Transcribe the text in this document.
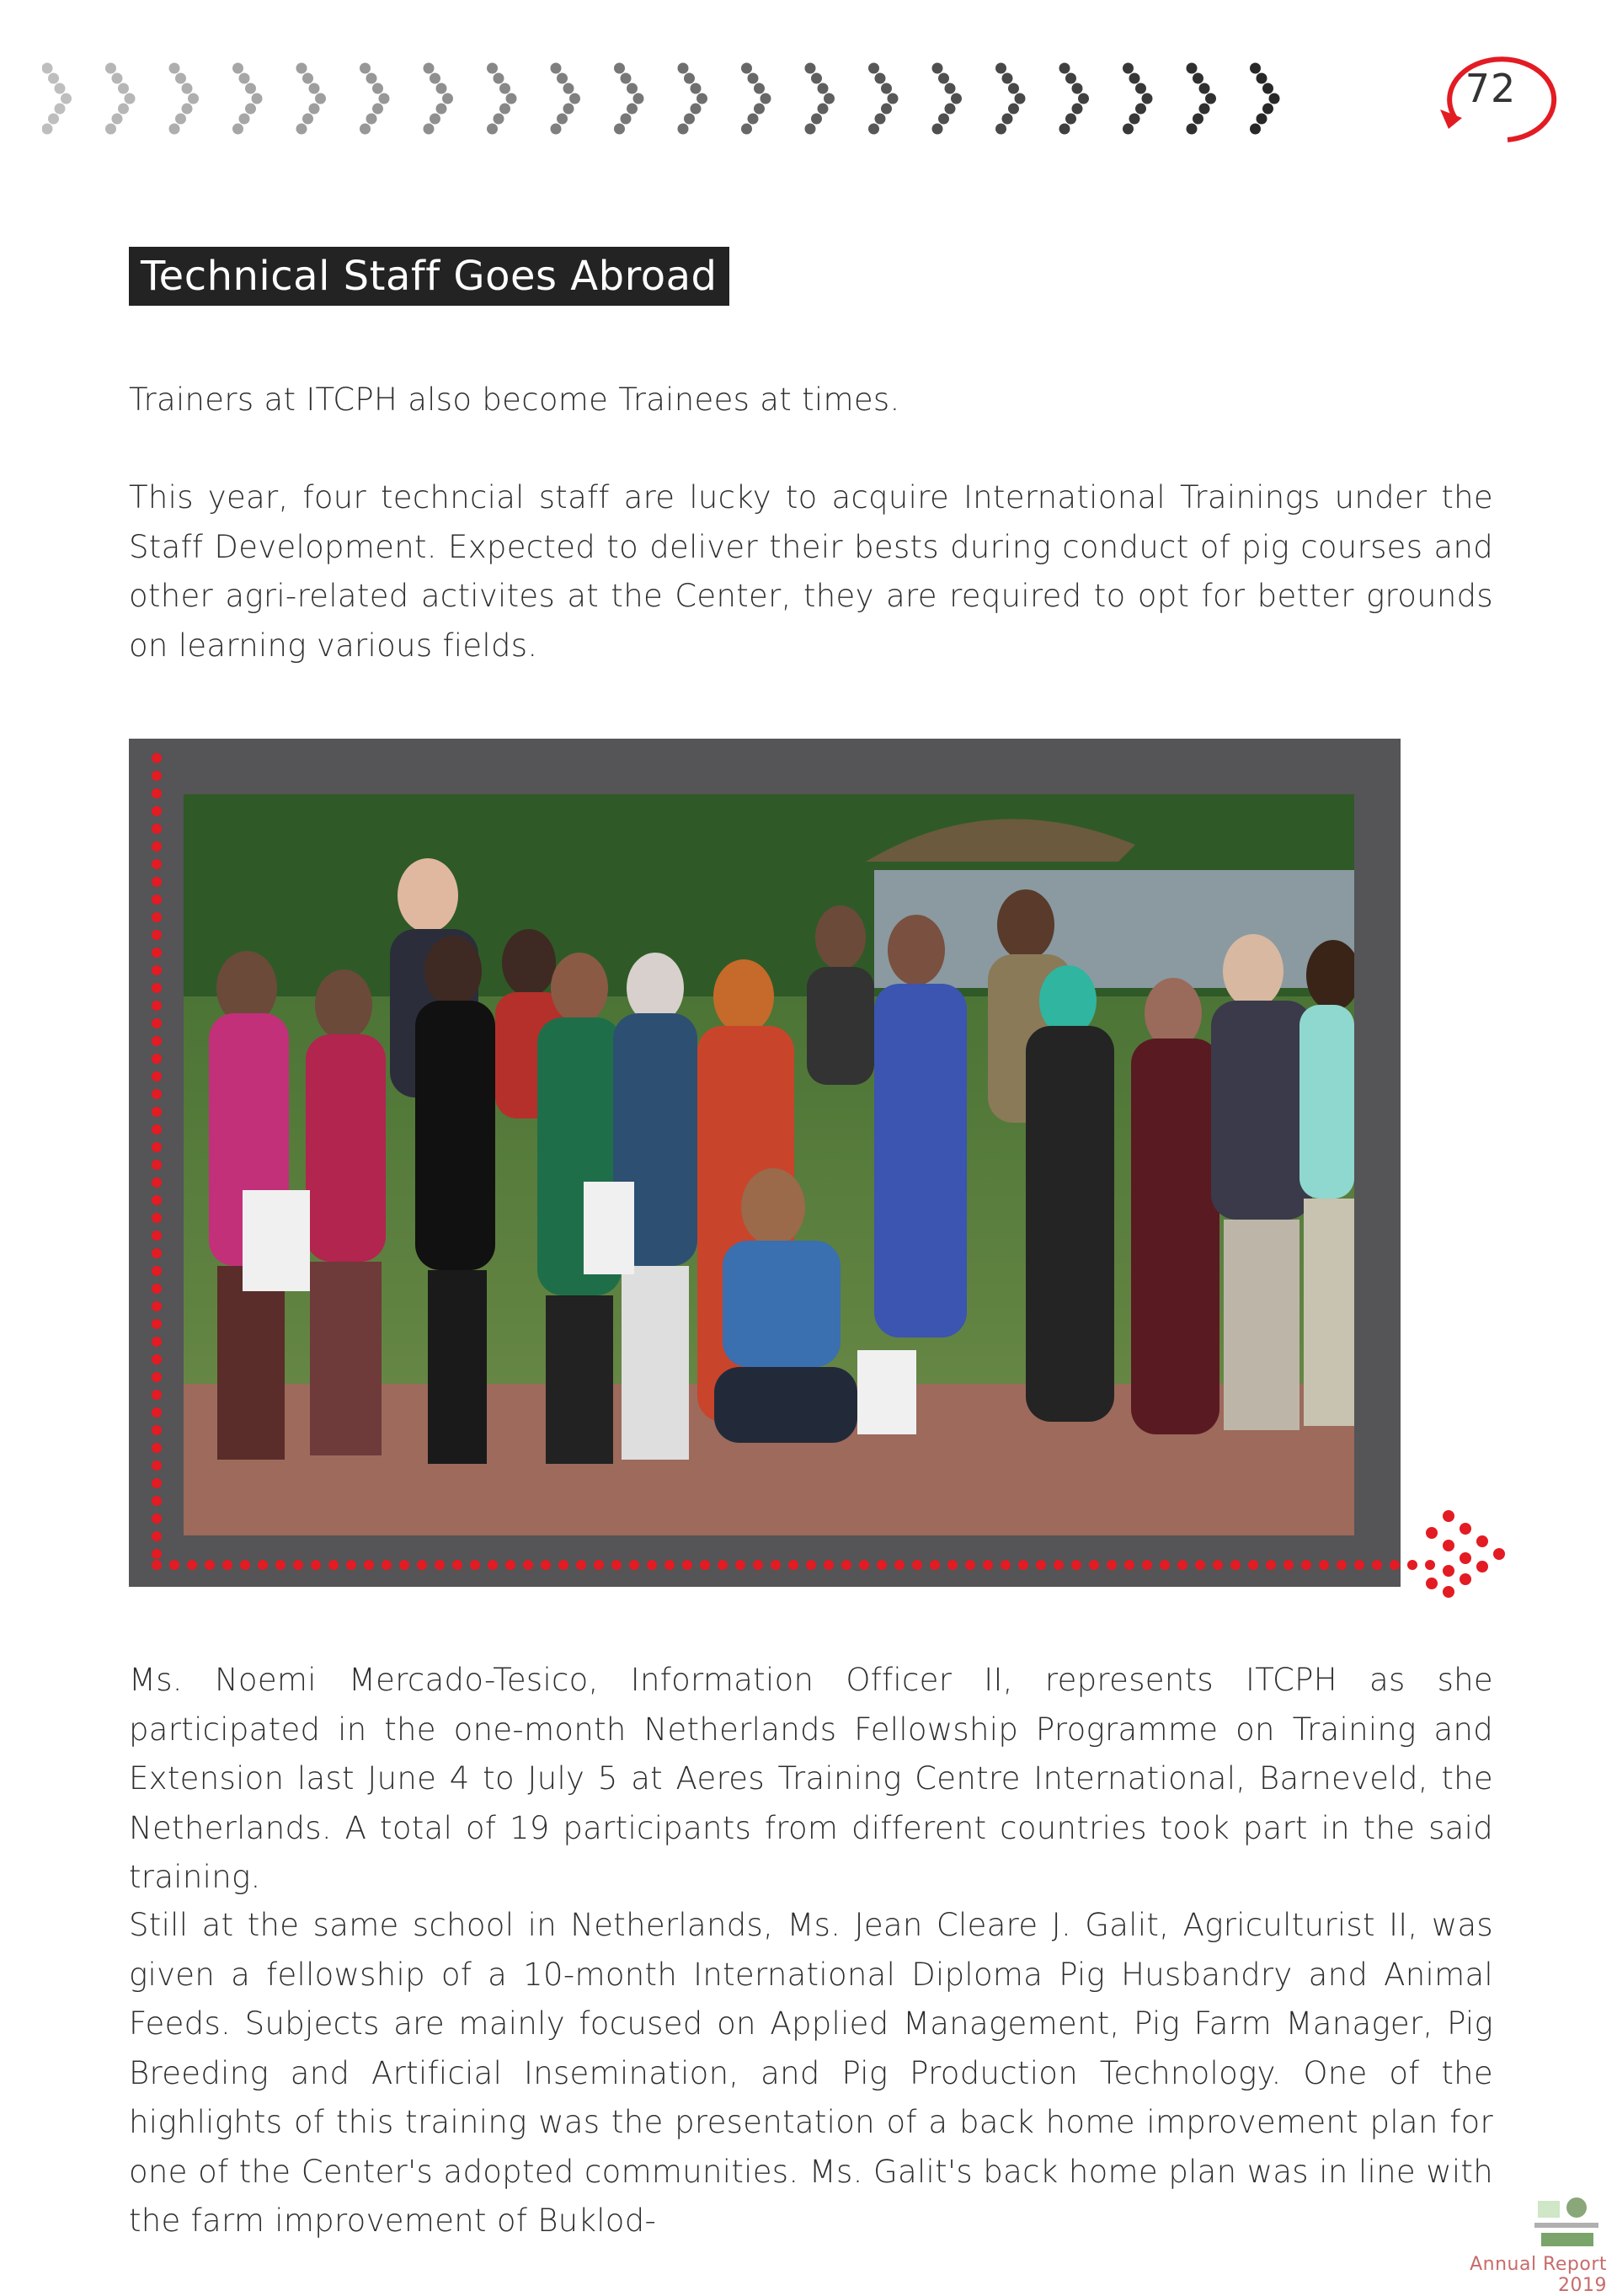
72
Technical Staff Goes Abroad
Trainers at ITCPH also become Trainees at times.
This year, four techncial staff are lucky to acquire International Trainings under the Staff Development. Expected to deliver their bests during conduct of pig courses and other agri-related activites at the Center, they are required to opt for better grounds on learning various fields.
Ms. Noemi Mercado-Tesico, Information Officer II, represents ITCPH as she participated in the one-month Netherlands Fellowship Programme on Training and Extension last June 4 to July 5 at Aeres Training Centre International, Barneveld, the Netherlands. A total of 19 participants from different countries took part in the said training.
Still at the same school in Netherlands, Ms. Jean Cleare J. Galit, Agriculturist II, was given a fellowship of a 10-month International Diploma Pig Husbandry and Animal Feeds. Subjects are mainly focused on Applied Management, Pig Farm Manager, Pig Breeding and Artificial Insemination, and Pig Production Technology. One of the highlights of this training was the presentation of a back home improvement plan for one of the Center's adopted communities. Ms. Galit's back home plan was in line with the farm improvement of Buklod-
Annual Report 2019
